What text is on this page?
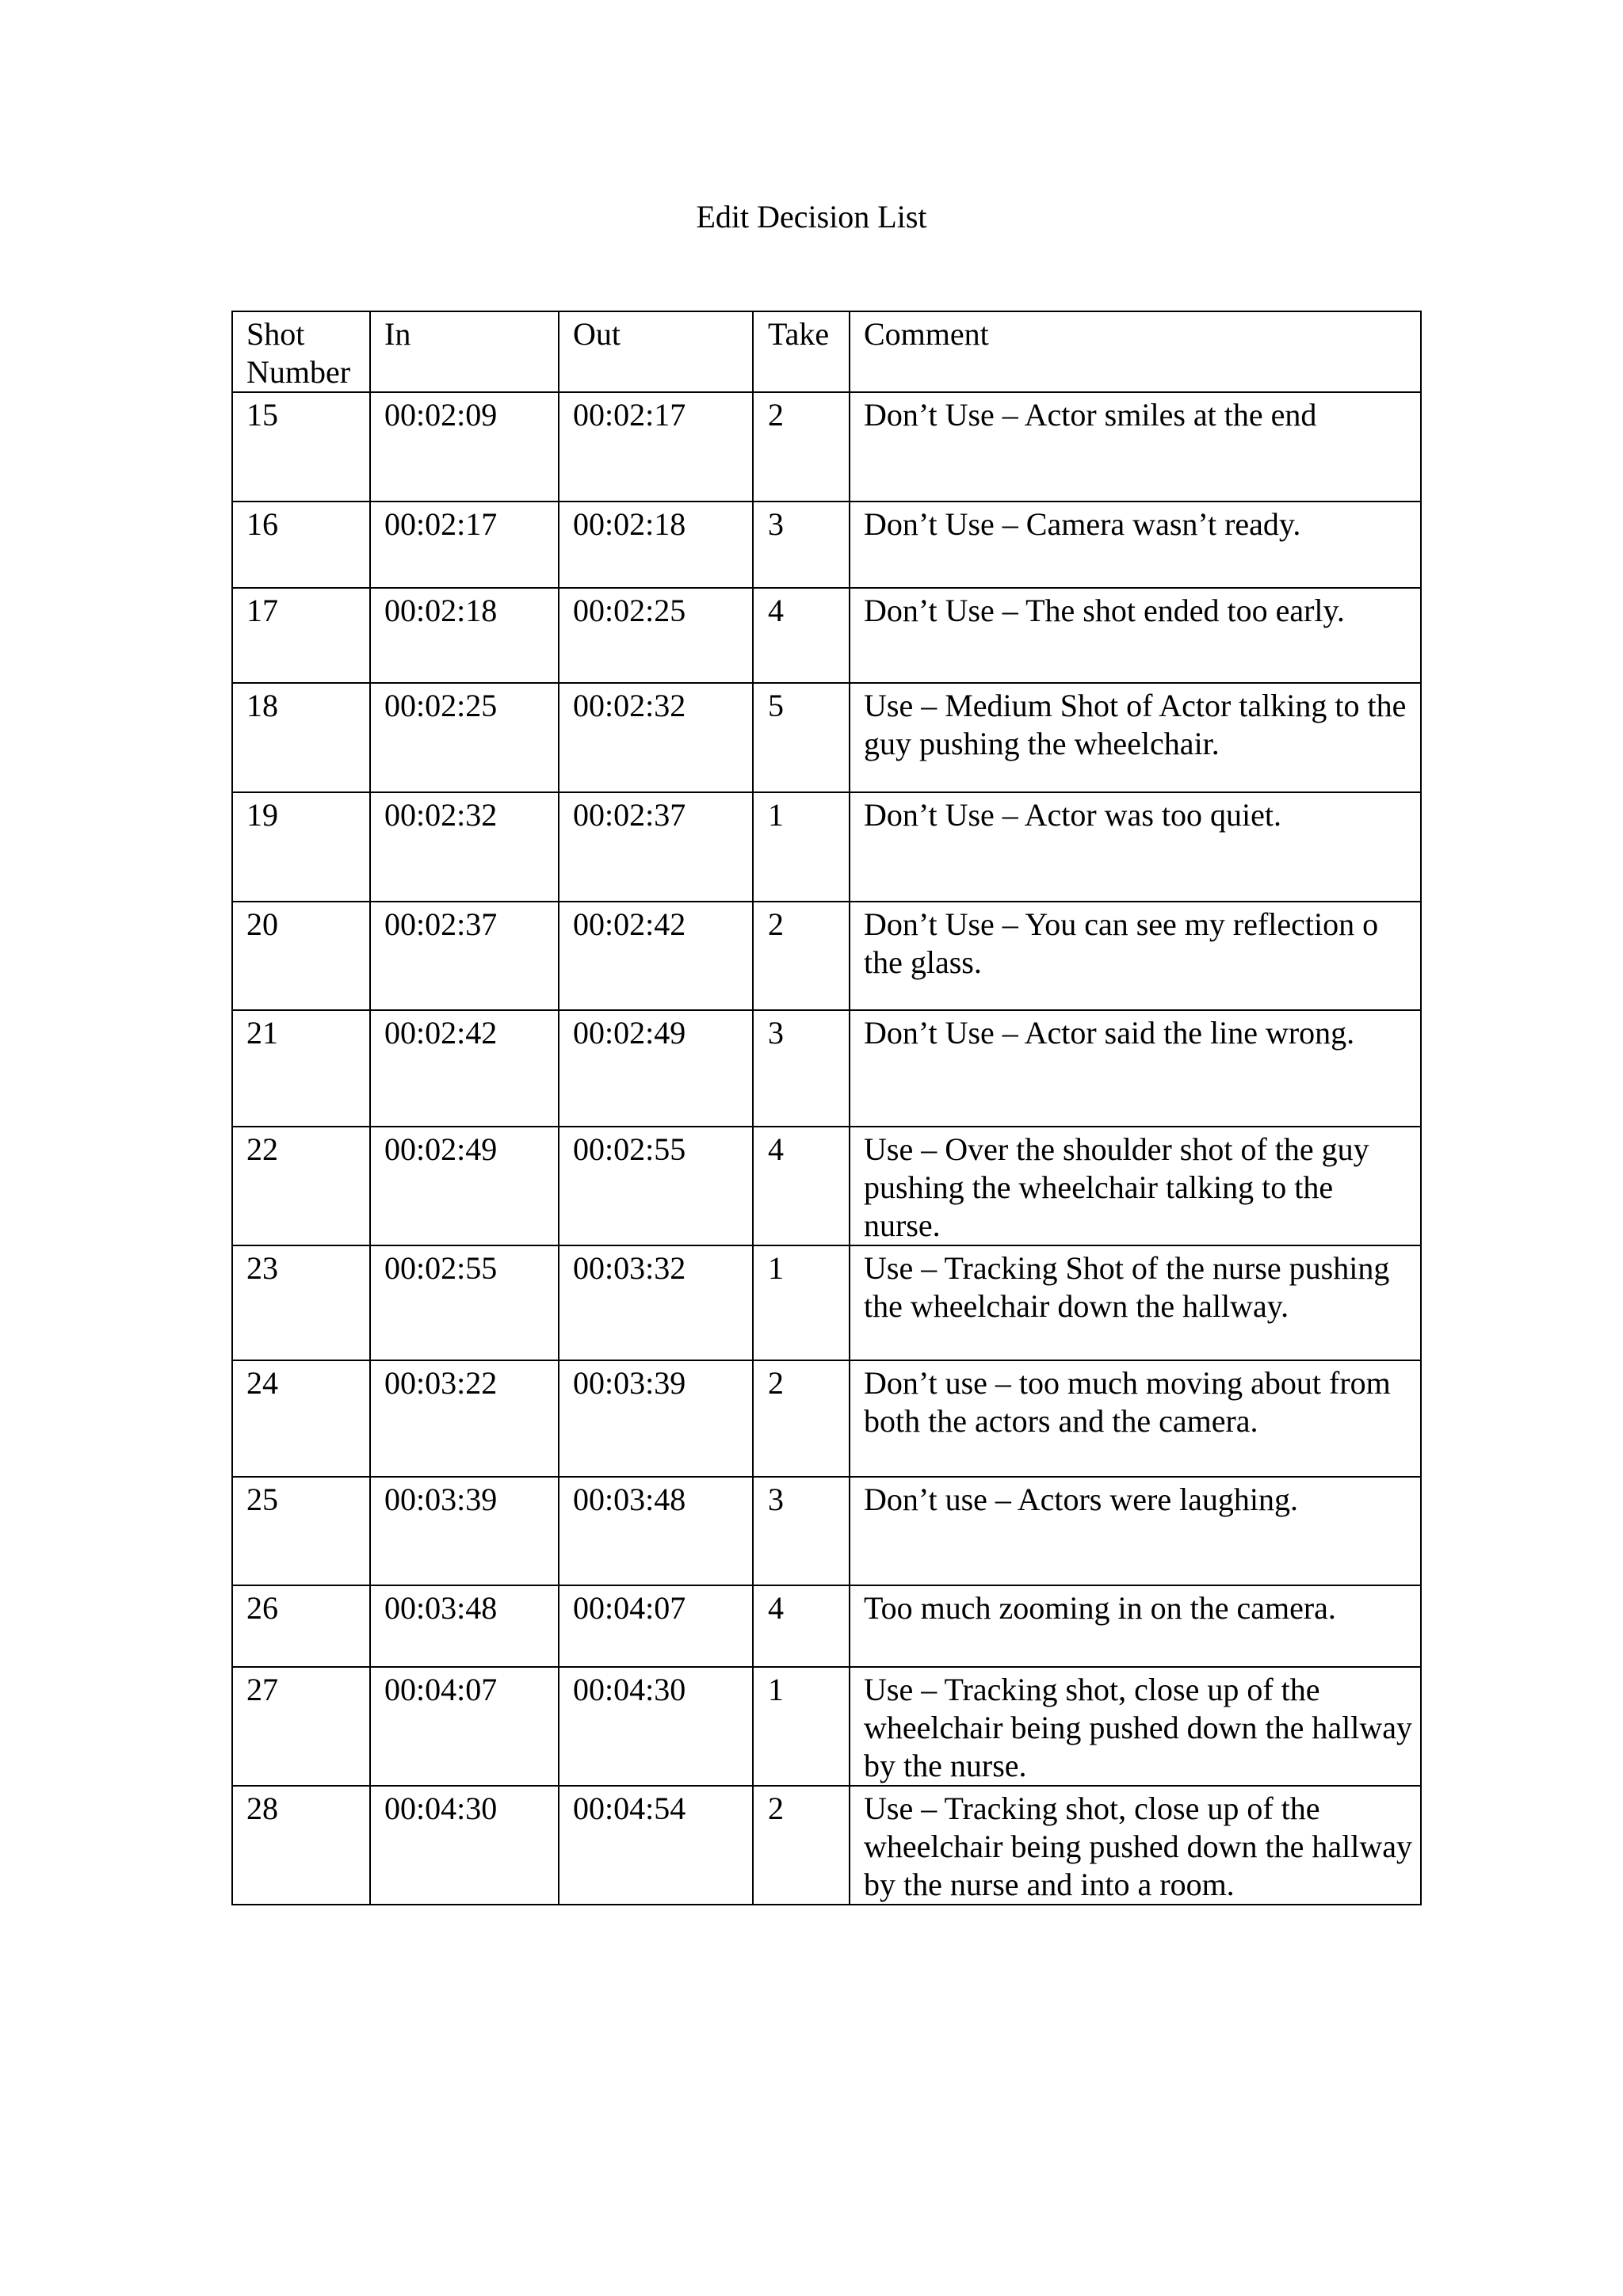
Edit Decision List
Shot Number	In	Out	Take	Comment
15	00:02:09	00:02:17	2	Don’t Use – Actor smiles at the end
16	00:02:17	00:02:18	3	Don’t Use – Camera wasn’t ready.
17	00:02:18	00:02:25	4	Don’t Use – The shot ended too early.
18	00:02:25	00:02:32	5	Use – Medium Shot of Actor talking to the guy pushing the wheelchair.
19	00:02:32	00:02:37	1	Don’t Use – Actor was too quiet.
20	00:02:37	00:02:42	2	Don’t Use – You can see my reflection o the glass.
21	00:02:42	00:02:49	3	Don’t Use – Actor said the line wrong.
22	00:02:49	00:02:55	4	Use – Over the shoulder shot of the guy pushing the wheelchair talking to the nurse.
23	00:02:55	00:03:32	1	Use – Tracking Shot of the nurse pushing the wheelchair down the hallway.
24	00:03:22	00:03:39	2	Don’t use – too much moving about from both the actors and the camera.
25	00:03:39	00:03:48	3	Don’t use – Actors were laughing.
26	00:03:48	00:04:07	4	Too much zooming in on the camera.
27	00:04:07	00:04:30	1	Use – Tracking shot, close up of the wheelchair being pushed down the hallway by the nurse.
28	00:04:30	00:04:54	2	Use – Tracking shot, close up of the wheelchair being pushed down the hallway by the nurse and into a room.
